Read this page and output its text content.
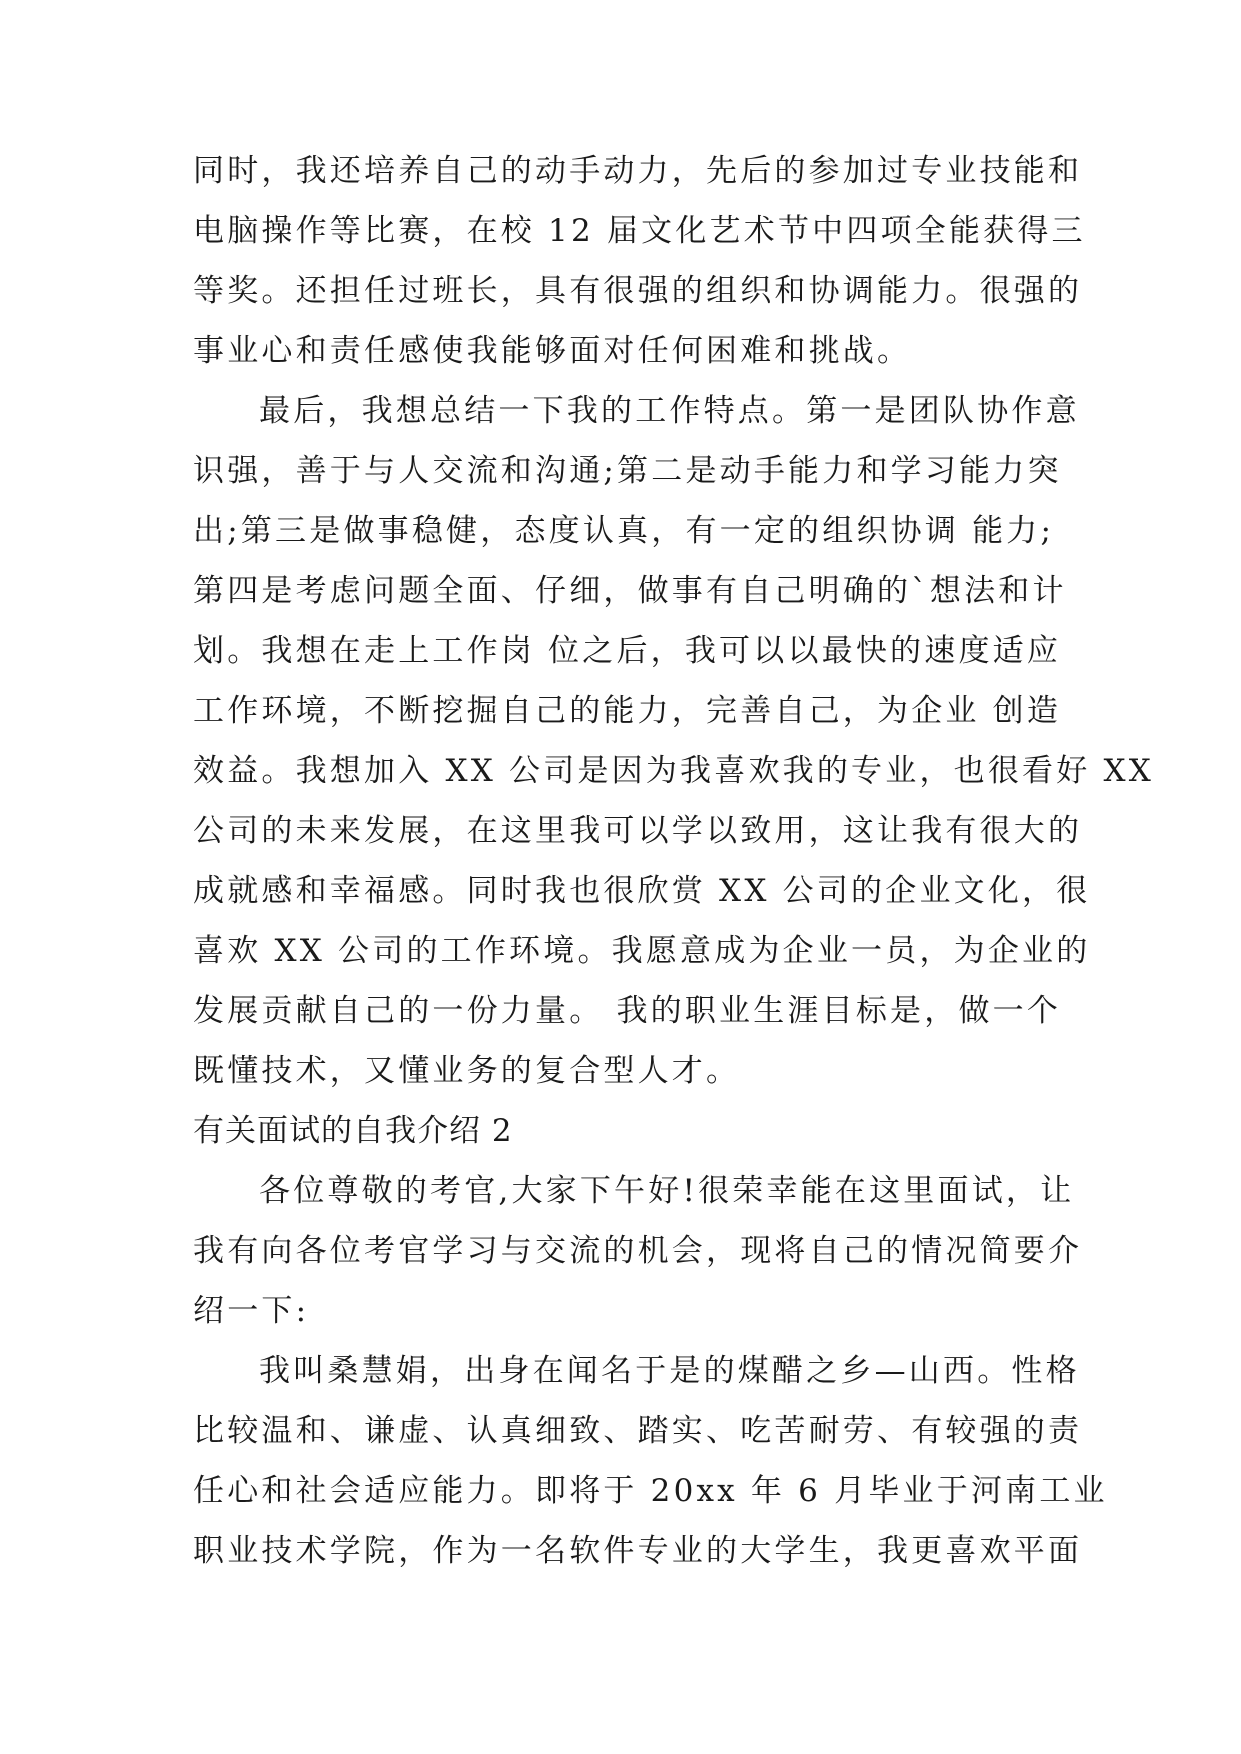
同时，我还培养自己的动手动力，先后的参加过专业技能和
电脑操作等比赛，在校 12 届文化艺术节中四项全能获得三
等奖。还担任过班长，具有很强的组织和协调能力。很强的
事业心和责任感使我能够面对任何困难和挑战。
最后，我想总结一下我的工作特点。第一是团队协作意
识强，善于与人交流和沟通;第二是动手能力和学习能力突
出;第三是做事稳健，态度认真，有一定的组织协调 能力;
第四是考虑问题全面、仔细，做事有自己明确的`想法和计
划。我想在走上工作岗 位之后，我可以以最快的速度适应
工作环境，不断挖掘自己的能力，完善自己，为企业 创造
效益。我想加入 XX 公司是因为我喜欢我的专业，也很看好 XX
公司的未来发展，在这里我可以学以致用，这让我有很大的
成就感和幸福感。同时我也很欣赏 XX 公司的企业文化，很
喜欢 XX 公司的工作环境。我愿意成为企业一员，为企业的
发展贡献自己的一份力量。 我的职业生涯目标是，做一个
既懂技术，又懂业务的复合型人才。
有关面试的自我介绍 2
各位尊敬的考官,大家下午好!很荣幸能在这里面试，让
我有向各位考官学习与交流的机会，现将自己的情况简要介
绍一下:
我叫桑慧娟，出身在闻名于是的煤醋之乡—山西。性格
比较温和、谦虚、认真细致、踏实、吃苦耐劳、有较强的责
任心和社会适应能力。即将于 20xx 年 6 月毕业于河南工业
职业技术学院，作为一名软件专业的大学生，我更喜欢平面
